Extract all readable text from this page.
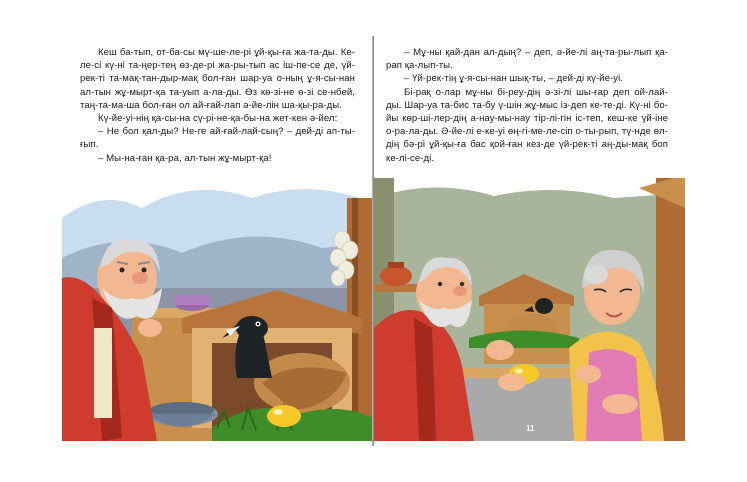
Кеш ба-тып, от-ба-сы мү-ше-ле-рі ұй-қы-ға жа-та-ды. Ке-ле-сі кү-ні та-ңер-тең өз-де-рі жа-ры-тып ас іш-пе-се де, үй-рек-ті та-мақ-тан-дыр-мақ бол-ған шар-уа о-ның ұ-я-сы-нан ал-тын жұ-мырт-қа та-уып а-ла-ды. Өз кө-зі-не ө-зі се-нбей, таң-та-ма-ша бол-ған ол ай-ғай-лап ә-йе-лін ша-қы-ра-ды.

Кү-йе-уі-нің қа-сы-на сү-рі-не-қа-бы-на жет-кен ә-йел:

– Не бол қал-ды? Не-ге ай-ғай-лай-сың? – дей-ді ап-ты-ғып.

– Мы-на-ған қа-ра, ал-тын жұ-мырт-қа!

– Мұ-ны қай-дан ал-дың? – деп, ә-йе-лі аң-та-ры-лып қа-рап қа-лып-ты.

– Үй-рек-тің ұ-я-сы-нан шық-ты, – дей-ді кү-йе-уі.

Бі-рақ о-лар мұ-ны бі-реу-дің ә-зі-лі шы-ғар деп ой-лай-ды. Шар-уа та-бис та-бу ү-шін жұ-мыс із-деп ке-те-ді. Кү-ні бо-йы көр-ші-лер-дің а-нау-мы-нау тір-лі-гін іс-теп, кеш-ке үй-іне о-ра-ла-ды. Ә-йе-лі е-ке-уі өң-гі-ме-ле-сіп о-ты-рып, тү-нде өл-дің бә-рі ұй-қы-ға бас қой-ған кез-де үй-рек-ті аң-ды-мақ боп ке-лі-се-ді.

11
